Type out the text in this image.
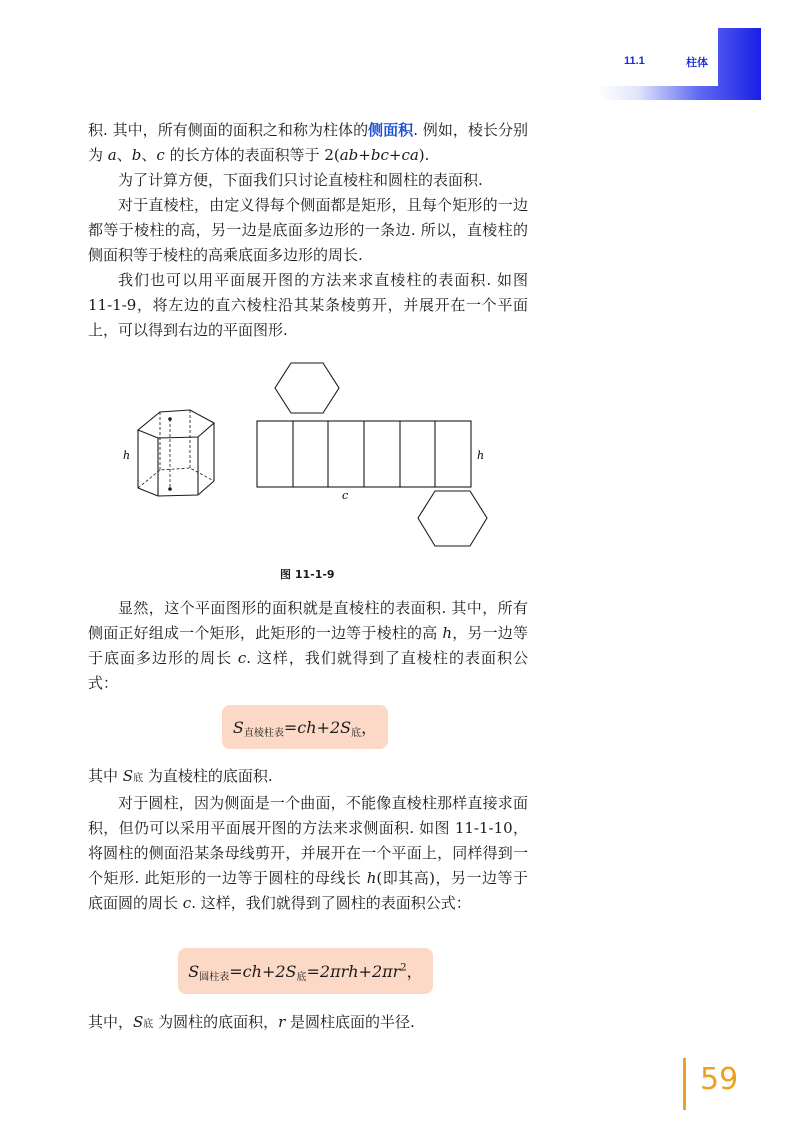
11.1	柱体

积. 其中，所有侧面的面积之和称为柱体的侧面积. 例如，棱长分别为 a、b、c 的长方体的表面积等于 2(ab+bc+ca).

为了计算方便，下面我们只讨论直棱柱和圆柱的表面积.

对于直棱柱，由定义得每个侧面都是矩形，且每个矩形的一边都等于棱柱的高，另一边是底面多边形的一条边. 所以，直棱柱的侧面积等于棱柱的高乘底面多边形的周长.

我们也可以用平面展开图的方法来求直棱柱的表面积. 如图 11-1-9，将左边的直六棱柱沿其某条棱剪开，并展开在一个平面上，可以得到右边的平面图形.

h	h
c
图 11-1-9

显然，这个平面图形的面积就是直棱柱的表面积. 其中，所有侧面正好组成一个矩形，此矩形的一边等于棱柱的高 h，另一边等于底面多边形的周长 c. 这样，我们就得到了直棱柱的表面积公式：

$S_{直棱柱表}=ch+2S_底$，

其中 S底 为直棱柱的底面积.

对于圆柱，因为侧面是一个曲面，不能像直棱柱那样直接求面积，但仍可以采用平面展开图的方法来求侧面积. 如图 11-1-10，将圆柱的侧面沿某条母线剪开，并展开在一个平面上，同样得到一个矩形. 此矩形的一边等于圆柱的母线长 h(即其高)，另一边等于底面圆的周长 c. 这样，我们就得到了圆柱的表面积公式：

$S_{圆柱表}=ch+2S_底=2\pi rh+2\pi r^2$，

其中，S底 为圆柱的底面积，r 是圆柱底面的半径.

59
